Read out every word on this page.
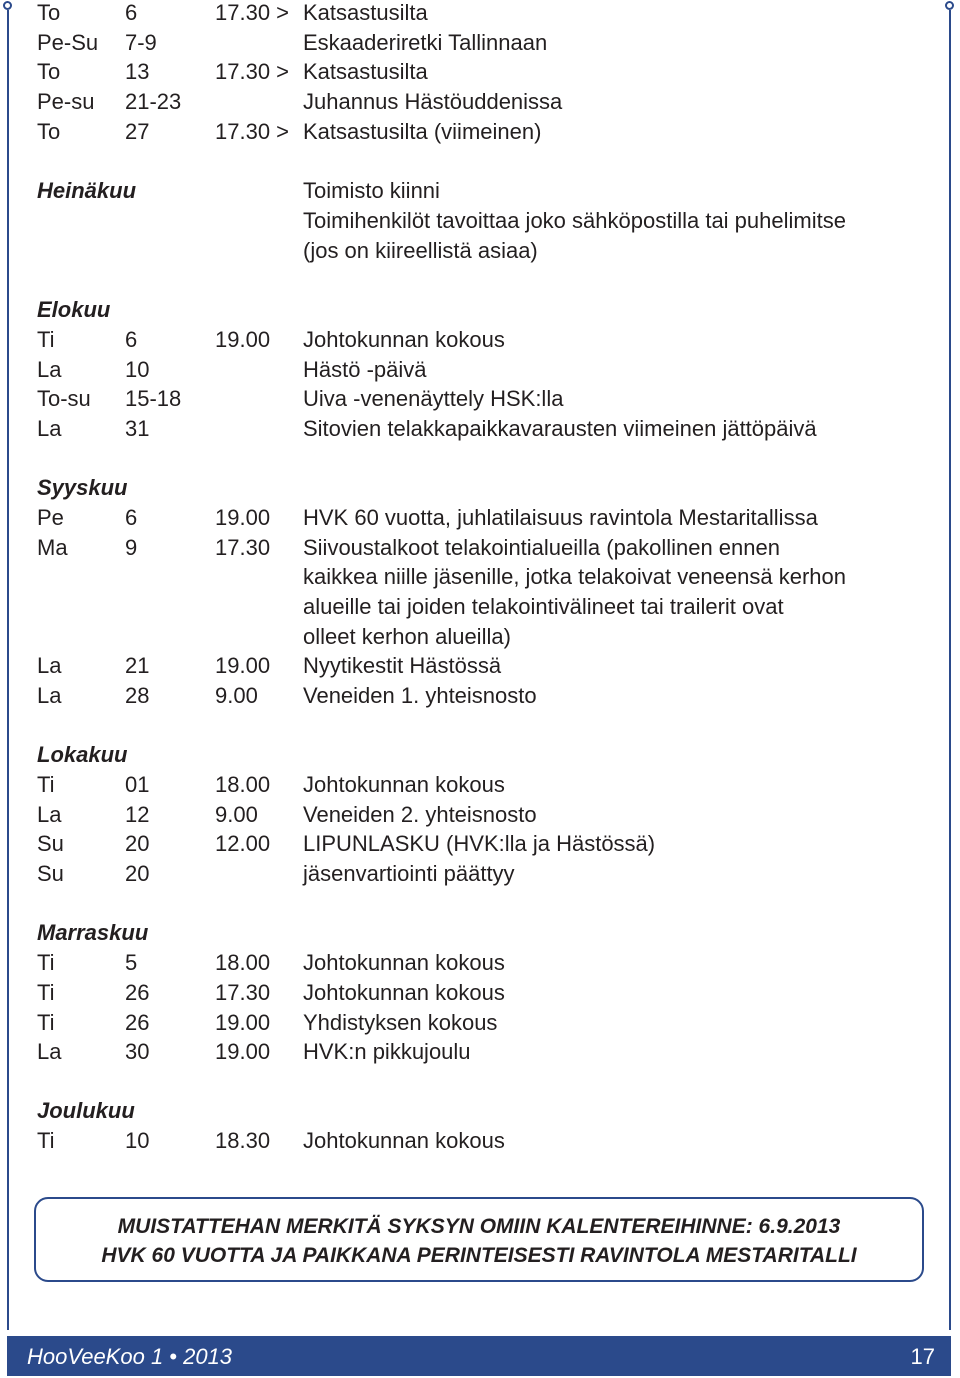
To	6	17.30 > Katsastusilta
Pe-Su 7-9	Eskaaderiretki Tallinnaan
To	13	17.30 > Katsastusilta
Pe-su 21-23	Juhannus Hästöuddenissa
To	27	17.30 > Katsastusilta (viimeinen)
Heinäkuu	Toimisto kiinni
Toimihenkilöt tavoittaa joko sähköpostilla tai puhelimitse
(jos on kiireellistä asiaa)
Elokuu
Ti	6	19.00 Johtokunnan kokous
La	10	Hästö -päivä
To-su 15-18	Uiva -venenäyttely HSK:lla
La	31	Sitovien telakkapaikkavarausten viimeinen jättöpäivä
Syyskuu
Pe	6	19.00 HVK 60 vuotta, juhlatilaisuus ravintola Mestaritallissa
Ma	9	17.30 Siivoustalkoot telakointialueilla (pakollinen ennen
kaikkea niille jäsenille, jotka telakoivat veneensä kerhon
alueille tai joiden telakointivälineet tai trailerit ovat
olleet kerhon alueilla)
La	21	19.00 Nyytikestit Hästössä
La	28	9.00 Veneiden 1. yhteisnosto
Lokakuu
Ti	01	18.00 Johtokunnan kokous
La	12	9.00 Veneiden 2. yhteisnosto
Su	20	12.00 LIPUNLASKU (HVK:lla ja Hästössä)
Su	20	jäsenvartiointi päättyy
Marraskuu
Ti	5	18.00 Johtokunnan kokous
Ti	26	17.30 Johtokunnan kokous
Ti	26	19.00 Yhdistyksen kokous
La	30	19.00 HVK:n pikkujoulu
Joulukuu
Ti	10	18.30 Johtokunnan kokous
MUISTATTEHAN MERKITÄ SYKSYN OMIIN KALENTEREIHINNE: 6.9.2013
HVK 60 VUOTTA JA PAIKKANA PERINTEISESTI RAVINTOLA MESTARITALLI
HooVeeKoo 1 • 2013	17
